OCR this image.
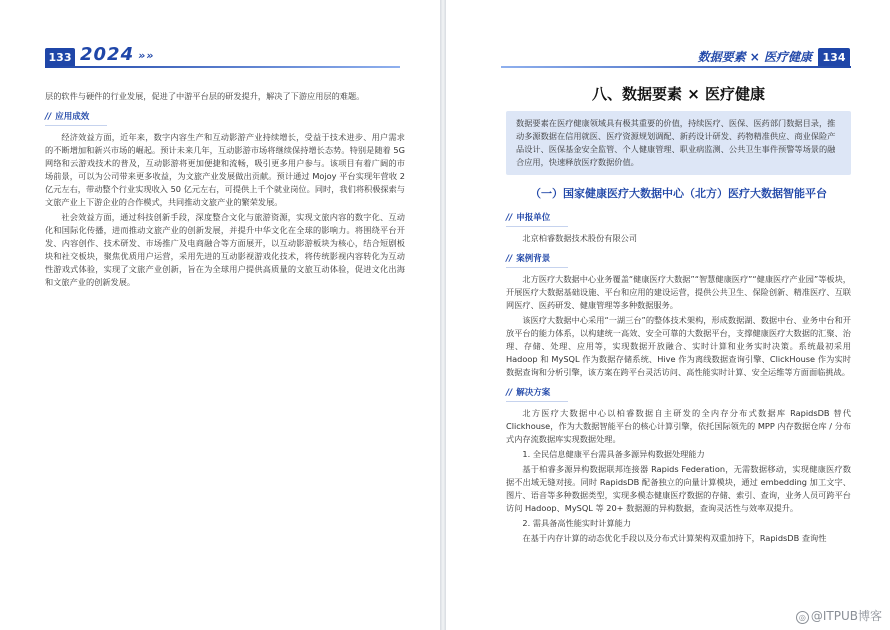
133 2024 »»

层的软件与硬件的行业发展，促进了中游平台层的研发提升，解决了下游应用层的难题。

// 应用成效

经济效益方面，近年来，数字内容生产和互动影游产业持续增长，受益于技术进步、用户需求的不断增加和新兴市场的崛起。预计未来几年，互动影游市场将继续保持增长态势。特别是随着 5G 网络和云游戏技术的普及，互动影游将更加便捷和流畅，吸引更多用户参与。该项目有着广阔的市场前景，可以为公司带来更多收益，为文旅产业发展做出贡献。预计通过 Mojoy 平台实现年营收 2 亿元左右，带动整个行业实现收入 50 亿元左右，可提供上千个就业岗位。同时，我们将积极探索与文旅产业上下游企业的合作模式，共同推动文旅产业的繁荣发展。

社会效益方面，通过科技创新手段，深度整合文化与旅游资源，实现文旅内容的数字化、互动化和国际化传播，进而推动文旅产业的创新发展，并提升中华文化在全球的影响力。将围绕平台开发、内容创作、技术研发、市场推广及电商融合等方面展开，以互动影游板块为核心，结合短剧板块和社交板块，聚焦优质用户运营，采用先进的互动影视游戏化技术，将传统影视内容转化为互动性游戏式体验，实现了文旅产业创新，旨在为全球用户提供高质量的文旅互动体验，促进文化出海和文旅产业的创新发展。

数据要素 × 医疗健康 134
八、数据要素 × 医疗健康
数据要素在医疗健康领域具有极其重要的价值，持续医疗、医保、医药部门数据目录，推动多源数据在信用就医、医疗资源规划调配、新药设计研发、药物精准供应、商业保险产品设计、医保基金安全监管、个人健康管理、职业病监测、公共卫生事件预警等场景的融合应用，快速释放医疗数据价值。
（一）国家健康医疗大数据中心（北方）医疗大数据智能平台
// 申报单位

北京柏睿数据技术股份有限公司

// 案例背景

北方医疗大数据中心业务覆盖“健康医疗大数据”“智慧健康医疗”“健康医疗产业园”等板块，开展医疗大数据基础设施、平台和应用的建设运营，提供公共卫生、保险创新、精准医疗、互联网医疗、医药研发、健康管理等多种数据服务。

该医疗大数据中心采用“一湖三台”的整体技术架构，形成数据湖、数据中台、业务中台和开放平台的能力体系，以构建统一高效、安全可靠的大数据平台，支撑健康医疗大数据的汇聚、治理、存储、处理、应用等，实现数据开放融合、实时计算和业务实时决策。系统最初采用 Hadoop 和 MySQL 作为数据存储系统、Hive 作为离线数据查询引擎、ClickHouse 作为实时数据查询和分析引擎，该方案在跨平台灵活访问、高性能实时计算、安全运维等方面面临挑战。

// 解决方案

北方医疗大数据中心以柏睿数据自主研发的全内存分布式数据库 RapidsDB 替代 Clickhouse，作为大数据智能平台的核心计算引擎，依托国际领先的 MPP 内存数据仓库 / 分布式内存流数据库实现数据处理。

1. 全民信息健康平台需具备多源异构数据处理能力

基于柏睿多源异构数据联邦连接器 Rapids Federation，无需数据移动，实现健康医疗数据不出域无缝对接。同时 RapidsDB 配备独立的向量计算模块，通过 embedding 加工文字、图片、语音等多种数据类型，实现多模态健康医疗数据的存储、索引、查询，业务人员可跨平台访问 Hadoop、MySQL 等 20+ 数据源的异构数据，查询灵活性与效率双提升。

2. 需具备高性能实时计算能力

在基于内存计算的动态优化手段以及分布式计算架构双重加持下，RapidsDB 查询性

◎ @ITPUB博客
